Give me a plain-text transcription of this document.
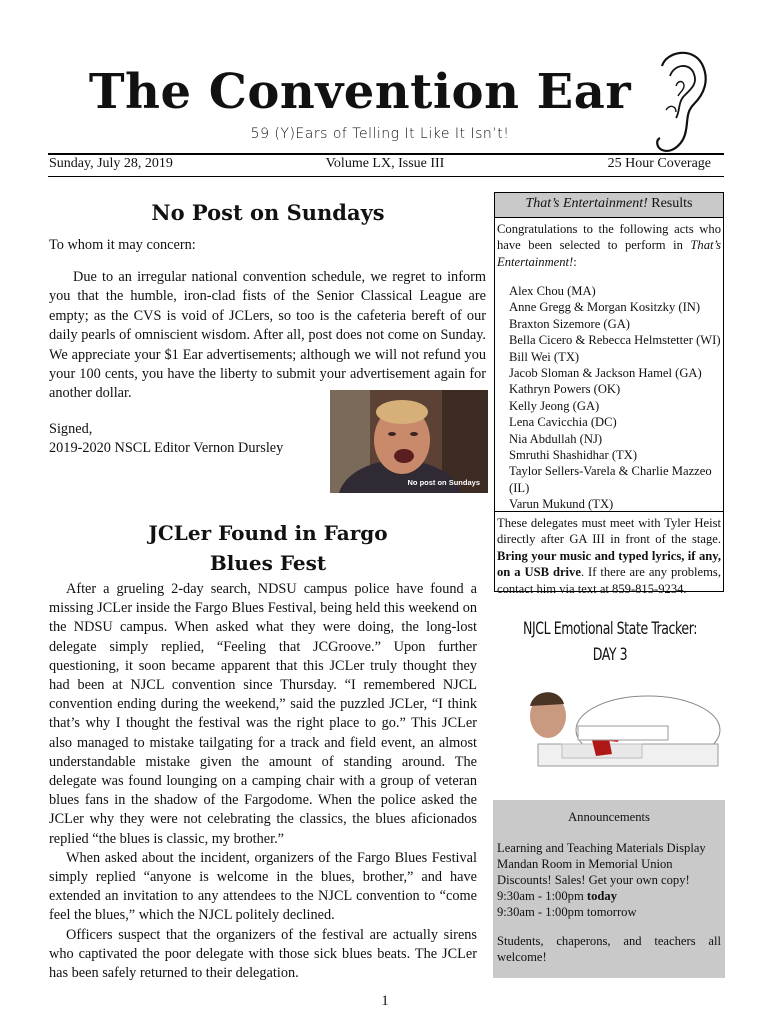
The Convention Ear
59 (Y)Ears of Telling It Like It Isn’t!
Sunday, July 28, 2019	Volume LX, Issue III	25 Hour Coverage
No Post on Sundays

To whom it may concern:

Due to an irregular national convention schedule, we regret to inform you that the humble, iron-clad fists of the Senior Classical League are empty; as the CVS is void of JCLers, so too is the cafeteria bereft of our daily pearls of omniscient wisdom. After all, post does not come on Sunday. We appreciate your $1 Ear advertisements; although we will not refund you your 100 cents, you have the liberty to submit your advertisement again for another dollar.

Signed,
2019-2020 NSCL Editor Vernon Dursley
No post on Sundays
JCLer Found in Fargo
Blues Fest

After a grueling 2-day search, NDSU campus police have found a missing JCLer inside the Fargo Blues Festival, being held this weekend on the NDSU campus. When asked what they were doing, the long-lost delegate simply replied, “Feeling that JCGroove.” Upon further questioning, it soon became apparent that this JCLer truly thought they had been at NJCL convention since Thursday. “I remembered NJCL convention ending during the weekend,” said the puzzled JCLer, “I think that’s why I thought the festival was the right place to go.” This JCLer also managed to mistake tailgating for a track and field event, an almost understandable mistake given the amount of standing around. The delegate was found lounging on a camping chair with a group of veteran blues fans in the shadow of the Fargodome. When the police asked the JCLer why they were not celebrating the classics, the blues aficionados replied “the blues is classic, my brother.”

When asked about the incident, organizers of the Fargo Blues Festival simply replied “anyone is welcome in the blues, brother,” and have extended an invitation to any attendees to the NJCL convention to “come feel the blues,” which the NJCL politely declined.

Officers suspect that the organizers of the festival are actually sirens who captivated the poor delegate with those sick blues beats. The JCLer has been safely returned to their delegation.

That’s Entertainment! Results
Congratulations to the following acts who have been selected to perform in That’s Entertainment!:
Alex Chou (MA)
Anne Gregg & Morgan Kositzky (IN)
Braxton Sizemore (GA)
Bella Cicero & Rebecca Helmstetter (WI)
Bill Wei (TX)
Jacob Sloman & Jackson Hamel (GA)
Kathryn Powers (OK)
Kelly Jeong (GA)
Lena Cavicchia (DC)
Nia Abdullah (NJ)
Smruthi Shashidhar (TX)
Taylor Sellers-Varela & Charlie Mazzeo (IL)
Varun Mukund (TX)
These delegates must meet with Tyler Heist directly after GA III in front of the stage. Bring your music and typed lyrics, if any, on a USB drive. If there are any problems, contact him via text at 859-815-9234.
NJCL Emotional State Tracker:
DAY 3
Announcements
Learning and Teaching Materials Display
Mandan Room in Memorial Union
Discounts! Sales! Get your own copy!
9:30am - 1:00pm today
9:30am - 1:00pm tomorrow
Students, chaperons, and teachers all welcome!
1
